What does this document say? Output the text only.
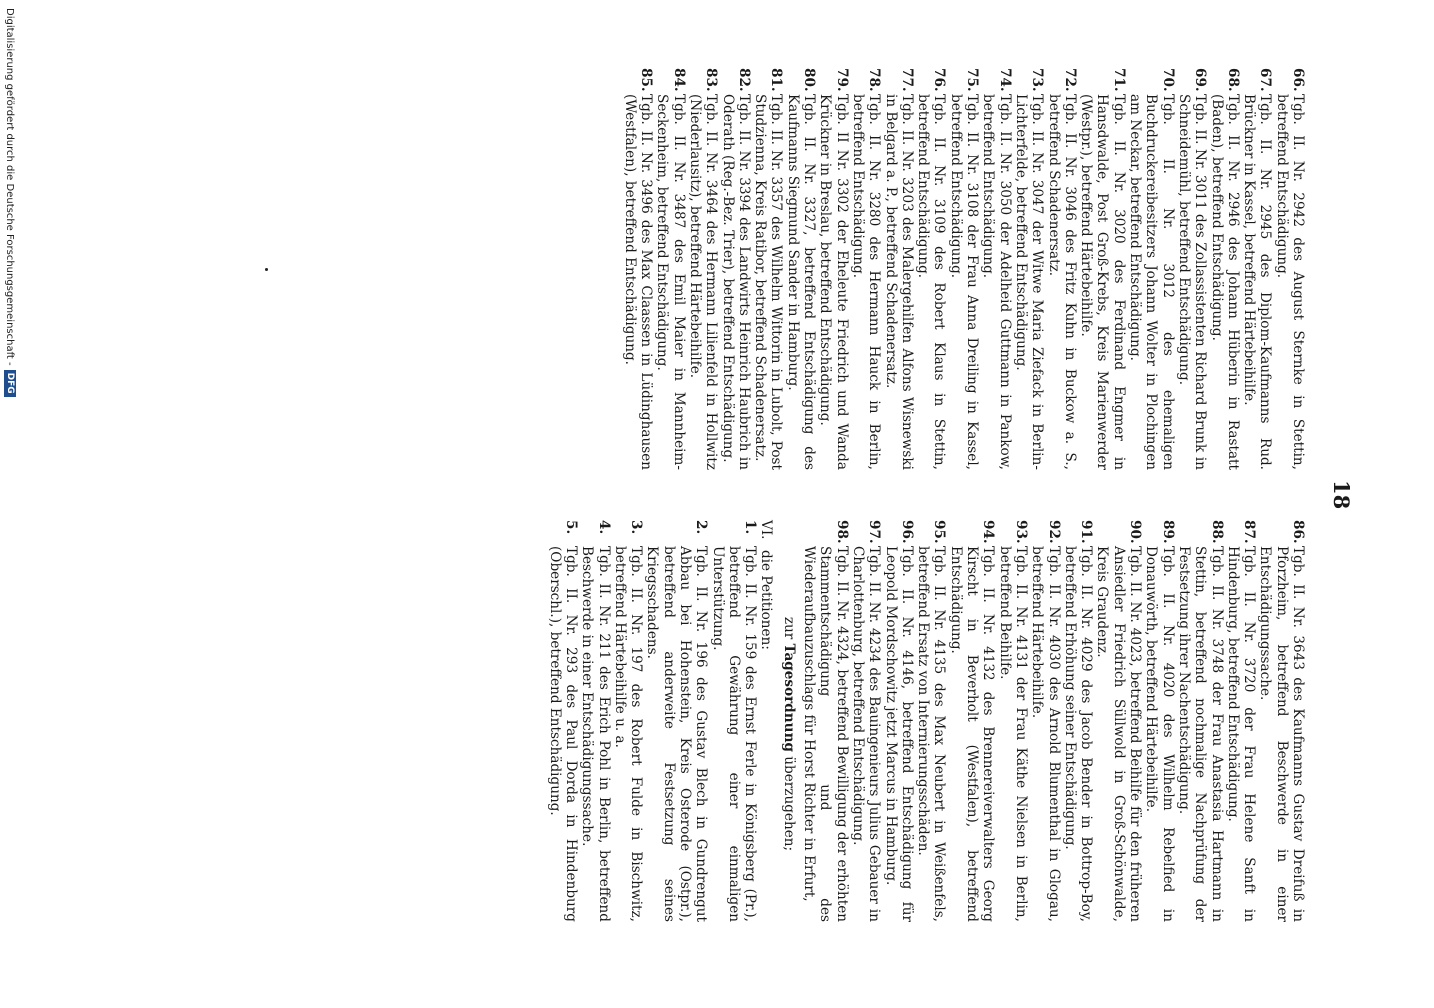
18
66.
Tgb. II. Nr. 2942 des August Sternke in Stettin, betreffend Entschädigung.
67.
Tgb. II. Nr. 2945 des Diplom-Kaufmanns Rud. Brückner in Kassel, betreffend Härtebeihilfe.
68.
Tgb. II. Nr. 2946 des Johann Hüberin in Rastatt (Baden), betreffend Entschädigung.
69.
Tgb. II. Nr. 3011 des Zollassistenten Richard Brunk in Schneidemühl, betreffend Entschädigung.
70.
Tgb. II. Nr. 3012 des ehemaligen Buchdruckereibesitzers Johann Wolter in Plochingen am Neckar, betreffend Entschädigung.
71.
Tgb. II. Nr. 3020 des Ferdinand Engmer in Hansdwalde, Post Groß-Krebs, Kreis Marienwerder (Westpr.), betreffend Härtebeihilfe.
72.
Tgb. II. Nr. 3046 des Fritz Kuhn in Buckow a. S., betreffend Schadenersatz.
73.
Tgb. II. Nr. 3047 der Witwe Maria Ziefack in Berlin-Lichterfelde, betreffend Entschädigung.
74.
Tgb. II. Nr. 3050 der Adelheid Guttmann in Pankow, betreffend Entschädigung.
75.
Tgb. II. Nr. 3108 der Frau Anna Dreiling in Kassel, betreffend Entschädigung.
76.
Tgb. II. Nr. 3109 des Robert Klaus in Stettin, betreffend Entschädigung.
77.
Tgb. II. Nr. 3203 des Malergehilfen Alfons Wisnewski in Belgard a. P., betreffend Schadenersatz.
78.
Tgb. II. Nr. 3280 des Hermann Hauck in Berlin, betreffend Entschädigung.
79.
Tgb. II Nr. 3302 der Eheleute Friedrich und Wanda Krückner in Breslau, betreffend Entschädigung.
80.
Tgb. II. Nr. 3327, betreffend Entschädigung des Kaufmanns Siegmund Sander in Hamburg.
81.
Tgb. II. Nr. 3357 des Wilhelm Wittorin in Lubolt, Post Studzienna, Kreis Ratibor, betreffend Schadenersatz.
82.
Tgb. II. Nr. 3394 des Landwirts Heinrich Haubrich in Oderath (Reg.-Bez. Trier), betreffend Entschädigung.
83.
Tgb. II. Nr. 3464 des Hermann Lilienfeld in Hollwitz (Niederlausitz), betreffend Härtebeihilfe.
84.
Tgb. II. Nr. 3487 des Emil Maier in Mannheim-Seckenheim, betreffend Entschädigung.
85.
Tgb. II. Nr. 3496 des Max Claassen in Lüdinghausen (Westfalen), betreffend Entschädigung.
86.
Tgb. II. Nr. 3643 des Kaufmanns Gustav Dreifuß in Pforzheim, betreffend Beschwerde in einer Entschädigungssache.
87.
Tgb. II. Nr. 3720 der Frau Helene Sanft in Hindenburg, betreffend Entschädigung.
88.
Tgb. II. Nr. 3748 der Frau Anastasia Hartmann in Stettin, betreffend nochmalige Nachprüfung der Festsetzung ihrer Nachentschädigung.
89.
Tgb. II. Nr. 4020 des Wilhelm Rebelfied in Donauwörth, betreffend Härtebeihilfe.
90.
Tgb. II. Nr. 4023, betreffend Beihilfe für den früheren Ansiedler Friedrich Süllwold in Groß-Schönwalde, Kreis Graudenz.
91.
Tgb. II. Nr. 4029 des Jacob Bender in Bottrop-Boy, betreffend Erhöhung seiner Entschädigung.
92.
Tgb. II. Nr. 4030 des Arnold Blumenthal in Glogau, betreffend Härtebeihilfe.
93.
Tgb. II. Nr. 4131 der Frau Käthe Nielsen in Berlin, betreffend Beihilfe.
94.
Tgb. II. Nr. 4132 des Brennereiverwalters Georg Kirscht in Beverholt (Westfalen), betreffend Entschädigung.
95.
Tgb. II. Nr. 4135 des Max Neubert in Weißenfels, betreffend Ersatz von Internierungsschäden.
96.
Tgb. II. Nr. 4146, betreffend Entschädigung für Leopold Mordschowitz jetzt Marcus in Hamburg.
97.
Tgb. II. Nr. 4234 des Bauingenieurs Julius Gebauer in Charlottenburg, betreffend Entschädigung.
98.
Tgb. II. Nr. 4324, betreffend Bewilligung der erhöhten Stammentschädigung und des Wiederaufbauzuschlags für Horst Richter in Erfurt,
zur Tagesordnung überzugehen;
VI.
die Petitionen:
1.
Tgb. II. Nr. 159 des Ernst Ferle in Königsberg (Pr.), betreffend Gewährung einer einmaligen Unterstützung.
2.
Tgb. II. Nr. 196 des Gustav Blech in Gundrengut Abbau bei Hohenstein, Kreis Osterode (Ostpr.), betreffend anderweite Festsetzung seines Kriegsschadens.
3.
Tgb. II. Nr. 197 des Robert Fulde in Bischwitz, betreffend Härtebeihilfe u. a.
4.
Tgb. II. Nr. 211 des Erich Pohl in Berlin, betreffend Beschwerde in einer Entschädigungssache.
5.
Tgb. II. Nr. 293 des Paul Dorda in Hindenburg (Oberschl.), betreffend Entschädigung.
Digitalisierung gefördert durch die Deutsche Forschungsgemeinschaft -
DFG
